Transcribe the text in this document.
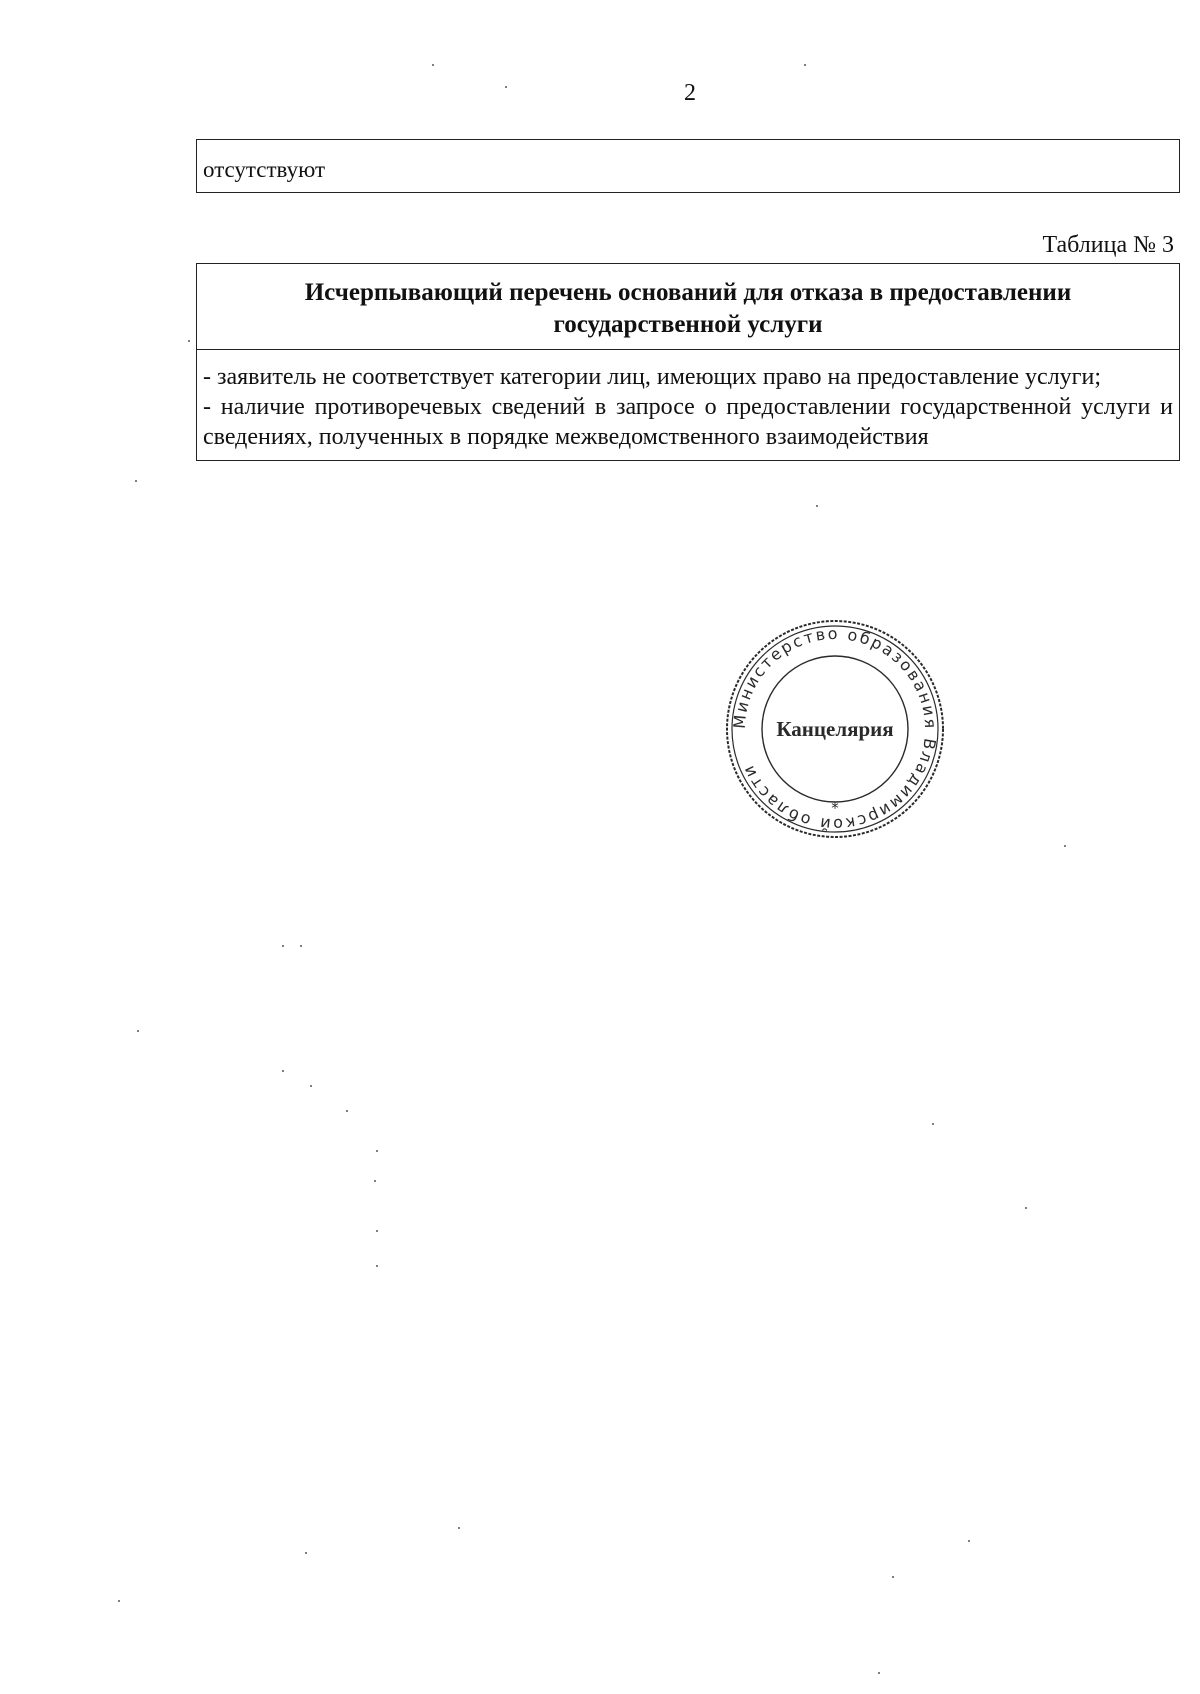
2
отсутствуют
Таблица № 3
Исчерпывающий перечень оснований для отказа в предоставлении
государственной услуги

- заявитель не соответствует категории лиц, имеющих право на предоставление услуги;

- наличие противоречевых сведений в запросе о предоставлении государственной услуги и сведениях, полученных в порядке межведомственного взаимодействия

Министерство образования Владимирской области
*
Канцелярия
